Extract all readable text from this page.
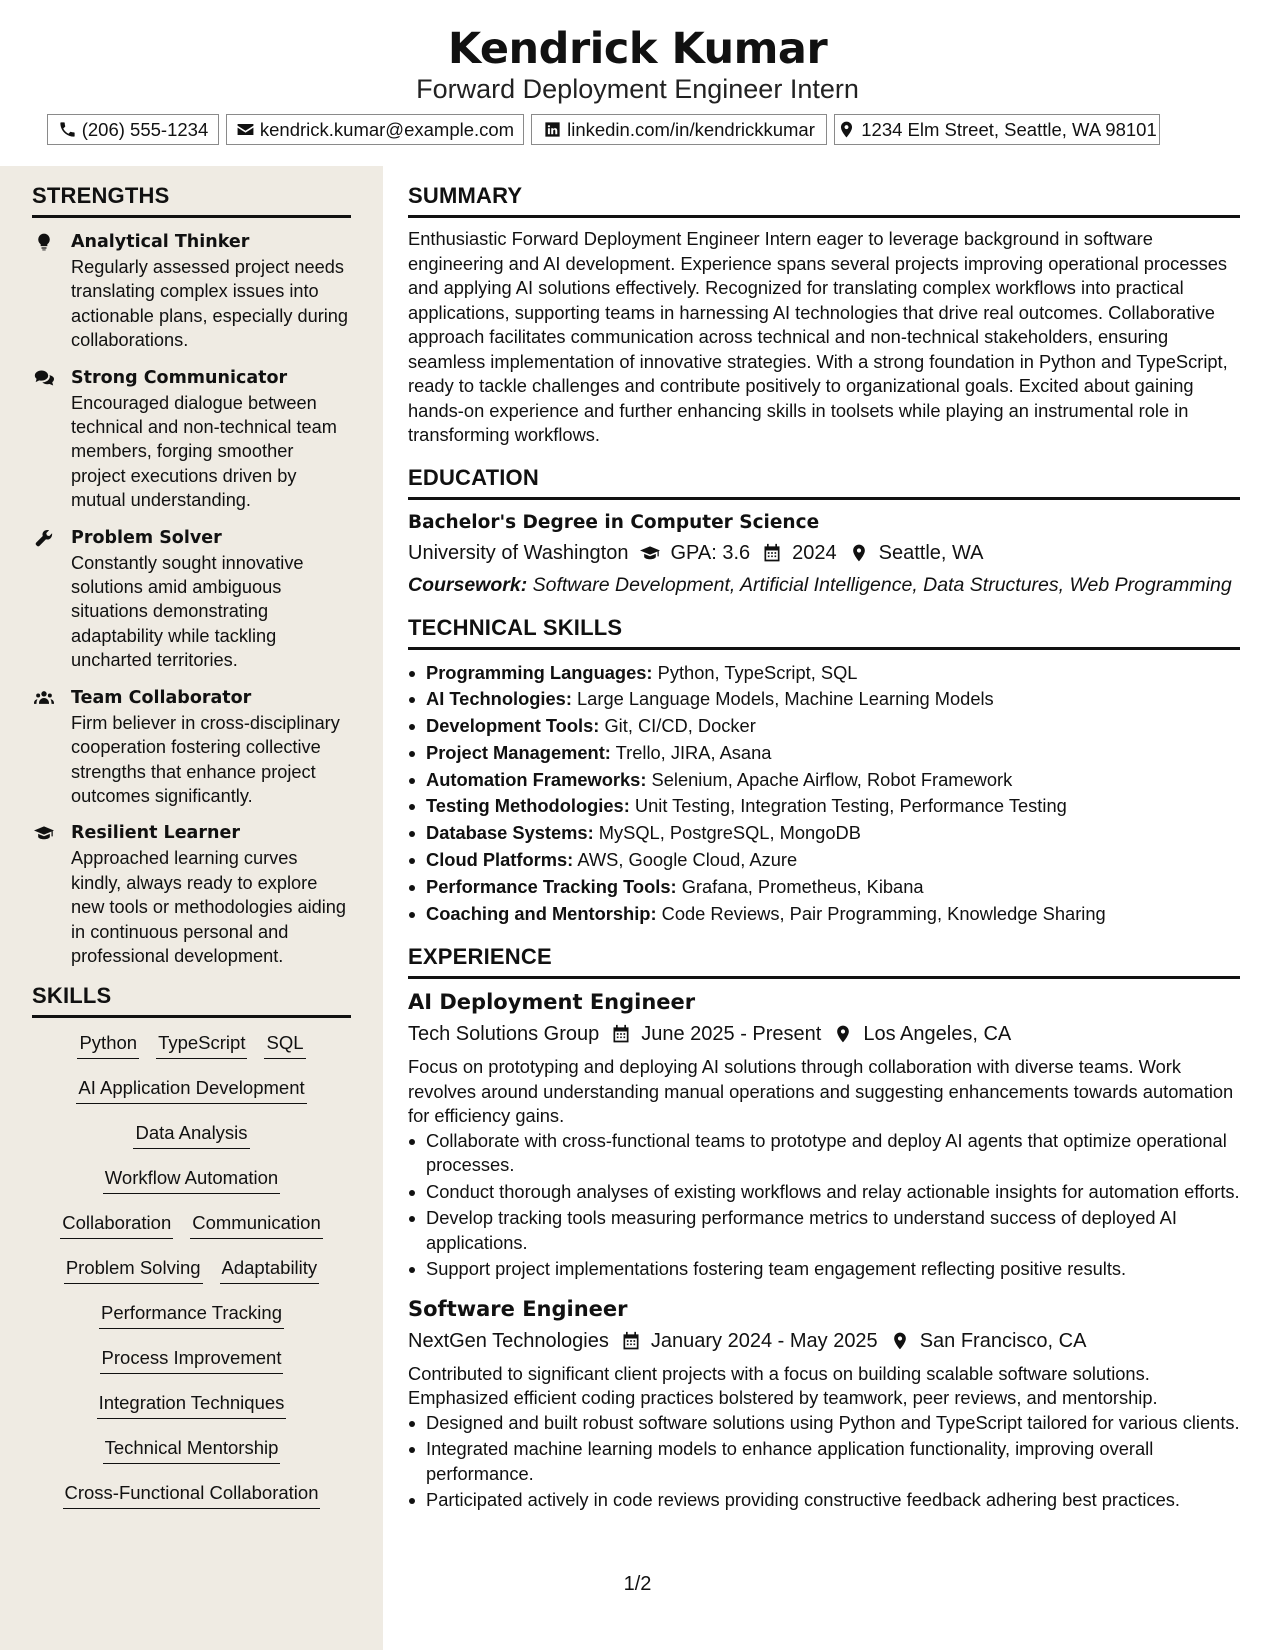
Kendrick Kumar
Forward Deployment Engineer Intern
(206) 555-1234	kendrick.kumar@example.com	linkedin.com/in/kendrickkumar	1234 Elm Street, Seattle, WA 98101
STRENGTHS
Analytical Thinker
Regularly assessed project needs translating complex issues into actionable plans, especially during collaborations.
Strong Communicator
Encouraged dialogue between technical and non-technical team members, forging smoother project executions driven by mutual understanding.
Problem Solver
Constantly sought innovative solutions amid ambiguous situations demonstrating adaptability while tackling uncharted territories.
Team Collaborator
Firm believer in cross-disciplinary cooperation fostering collective strengths that enhance project outcomes significantly.
Resilient Learner
Approached learning curves kindly, always ready to explore new tools or methodologies aiding in continuous personal and professional development.
SKILLS
Python TypeScript SQL
AI Application Development
Data Analysis
Workflow Automation
Collaboration Communication
Problem Solving Adaptability
Performance Tracking
Process Improvement
Integration Techniques
Technical Mentorship
Cross-Functional Collaboration
SUMMARY
Enthusiastic Forward Deployment Engineer Intern eager to leverage background in software engineering and AI development. Experience spans several projects improving operational processes and applying AI solutions effectively. Recognized for translating complex workflows into practical applications, supporting teams in harnessing AI technologies that drive real outcomes. Collaborative approach facilitates communication across technical and non-technical stakeholders, ensuring seamless implementation of innovative strategies. With a strong foundation in Python and TypeScript, ready to tackle challenges and contribute positively to organizational goals. Excited about gaining hands-on experience and further enhancing skills in toolsets while playing an instrumental role in transforming workflows.
EDUCATION
Bachelor's Degree in Computer Science
University of Washington GPA: 3.6 2024 Seattle, WA
Coursework: Software Development, Artificial Intelligence, Data Structures, Web Programming
TECHNICAL SKILLS
Programming Languages: Python, TypeScript, SQL
AI Technologies: Large Language Models, Machine Learning Models
Development Tools: Git, CI/CD, Docker
Project Management: Trello, JIRA, Asana
Automation Frameworks: Selenium, Apache Airflow, Robot Framework
Testing Methodologies: Unit Testing, Integration Testing, Performance Testing
Database Systems: MySQL, PostgreSQL, MongoDB
Cloud Platforms: AWS, Google Cloud, Azure
Performance Tracking Tools: Grafana, Prometheus, Kibana
Coaching and Mentorship: Code Reviews, Pair Programming, Knowledge Sharing
EXPERIENCE
AI Deployment Engineer
Tech Solutions Group June 2025 - Present Los Angeles, CA
Focus on prototyping and deploying AI solutions through collaboration with diverse teams. Work revolves around understanding manual operations and suggesting enhancements towards automation for efficiency gains.
Collaborate with cross-functional teams to prototype and deploy AI agents that optimize operational processes.
Conduct thorough analyses of existing workflows and relay actionable insights for automation efforts.
Develop tracking tools measuring performance metrics to understand success of deployed AI applications.
Support project implementations fostering team engagement reflecting positive results.
Software Engineer
NextGen Technologies January 2024 - May 2025 San Francisco, CA
Contributed to significant client projects with a focus on building scalable software solutions. Emphasized efficient coding practices bolstered by teamwork, peer reviews, and mentorship.
Designed and built robust software solutions using Python and TypeScript tailored for various clients.
Integrated machine learning models to enhance application functionality, improving overall performance.
Participated actively in code reviews providing constructive feedback adhering best practices.
1/2
